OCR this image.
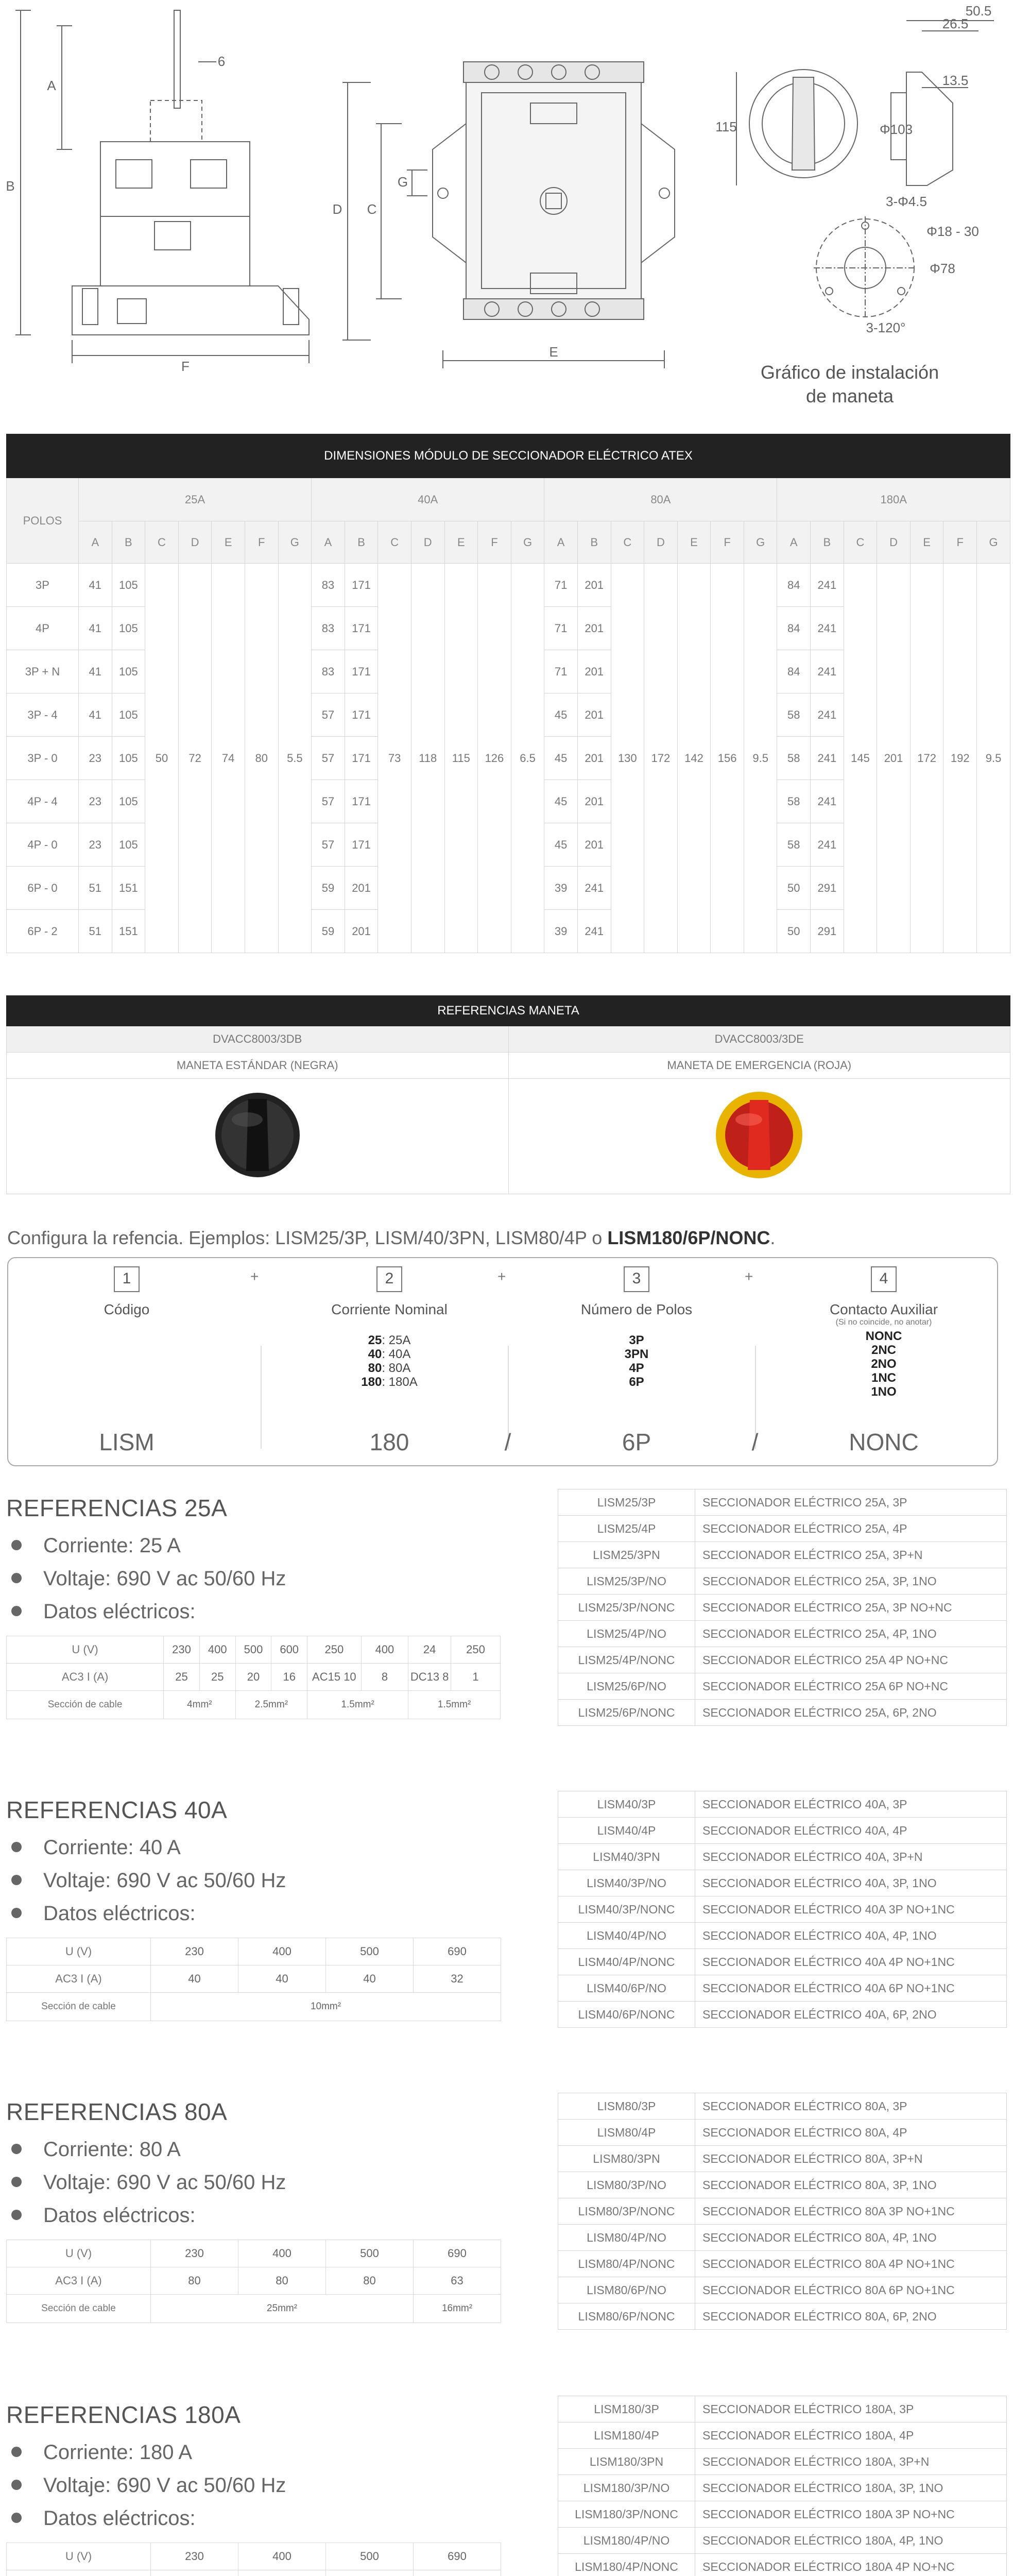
A
B
F
6
D C
G
E
115
50.5
26.5
13.5
Φ103
3-Φ4.5
Φ18 - 30
Φ78
3-120°
Gráfico de instalación
de maneta
DIMENSIONES MÓDULO DE SECCIONADOR ELÉCTRICO ATEX																												
POLOS	25A							40A							80A							180A						
	A	B	C	D	E	F	G	A	B	C	D	E	F	G	A	B	C	D	E	F	G	A	B	C	D	E	F	G
3P	41	105	50	72	74	80	5.5	83	171	73	118	115	126	6.5	71	201	130	172	142	156	9.5	84	241	145	201	172	192	9.5
4P	41	105						83	171						71	201						84	241					
3P + N	41	105						83	171						71	201						84	241					
3P - 4	41	105						57	171						45	201						58	241					
3P - 0	23	105						57	171						45	201						58	241					
4P - 4	23	105						57	171						45	201						58	241					
4P - 0	23	105						57	171						45	201						58	241					
6P - 0	51	151						59	201						39	241						50	291					
6P - 2	51	151						59	201						39	241						50	291					
REFERENCIAS MANETA	
DVACC8003/3DB	DVACC8003/3DE
MANETA ESTÁNDAR (NEGRA)	MANETA DE EMERGENCIA (ROJA)

Configura la refencia. Ejemplos: LISM25/3P, LISM/40/3PN, LISM80/4P o LISM180/6P/NONC.
1
Código
+	2
Corriente Nominal
25: 25A
40: 40A
80: 80A
180: 180A
+	3
Número de Polos
3P
3PN
4P
6P
+	4
Contacto Auxiliar
(Si no coincide, no anotar)
NONC
2NC
2NO
1NC
1NO
LISM	180	/	6P	/	NONC
REFERENCIAS 25A
Corriente: 25 A
Voltaje: 690 V ac 50/60 Hz
Datos eléctricos:
U (V)	230	400	500	600	250	400	24	250
AC3 I (A)	25	25	20	16	AC15 10	8	DC13 8	1
Sección de cable	4mm²		2.5mm²		1.5mm²		1.5mm²	
LISM25/3P	SECCIONADOR ELÉCTRICO 25A, 3P
LISM25/4P	SECCIONADOR ELÉCTRICO 25A, 4P
LISM25/3PN	SECCIONADOR ELÉCTRICO 25A, 3P+N
LISM25/3P/NO	SECCIONADOR ELÉCTRICO 25A, 3P, 1NO
LISM25/3P/NONC	SECCIONADOR ELÉCTRICO 25A, 3P NO+NC
LISM25/4P/NO	SECCIONADOR ELÉCTRICO 25A, 4P, 1NO
LISM25/4P/NONC	SECCIONADOR ELÉCTRICO 25A 4P NO+NC
LISM25/6P/NO	SECCIONADOR ELÉCTRICO 25A 6P NO+NC
LISM25/6P/NONC	SECCIONADOR ELÉCTRICO 25A, 6P, 2NO
REFERENCIAS 40A
Corriente: 40 A
Voltaje: 690 V ac 50/60 Hz
Datos eléctricos:
U (V)	230	400	500	690
AC3 I (A)	40	40	40	32
Sección de cable	10mm²			
LISM40/3P	SECCIONADOR ELÉCTRICO 40A, 3P
LISM40/4P	SECCIONADOR ELÉCTRICO 40A, 4P
LISM40/3PN	SECCIONADOR ELÉCTRICO 40A, 3P+N
LISM40/3P/NO	SECCIONADOR ELÉCTRICO 40A, 3P, 1NO
LISM40/3P/NONC	SECCIONADOR ELÉCTRICO 40A 3P NO+1NC
LISM40/4P/NO	SECCIONADOR ELÉCTRICO 40A, 4P, 1NO
LISM40/4P/NONC	SECCIONADOR ELÉCTRICO 40A 4P NO+1NC
LISM40/6P/NO	SECCIONADOR ELÉCTRICO 40A 6P NO+1NC
LISM40/6P/NONC	SECCIONADOR ELÉCTRICO 40A, 6P, 2NO
REFERENCIAS 80A
Corriente: 80 A
Voltaje: 690 V ac 50/60 Hz
Datos eléctricos:
U (V)	230	400	500	690
AC3 I (A)	80	80	80	63
Sección de cable	25mm²			16mm²
LISM80/3P	SECCIONADOR ELÉCTRICO 80A, 3P
LISM80/4P	SECCIONADOR ELÉCTRICO 80A, 4P
LISM80/3PN	SECCIONADOR ELÉCTRICO 80A, 3P+N
LISM80/3P/NO	SECCIONADOR ELÉCTRICO 80A, 3P, 1NO
LISM80/3P/NONC	SECCIONADOR ELÉCTRICO 80A 3P NO+1NC
LISM80/4P/NO	SECCIONADOR ELÉCTRICO 80A, 4P, 1NO
LISM80/4P/NONC	SECCIONADOR ELÉCTRICO 80A 4P NO+1NC
LISM80/6P/NO	SECCIONADOR ELÉCTRICO 80A 6P NO+1NC
LISM80/6P/NONC	SECCIONADOR ELÉCTRICO 80A, 6P, 2NO
REFERENCIAS 180A
Corriente: 180 A
Voltaje: 690 V ac 50/60 Hz
Datos eléctricos:
U (V)	230	400	500	690

LISM180/3P	SECCIONADOR ELÉCTRICO 180A, 3P
LISM180/4P	SECCIONADOR ELÉCTRICO 180A, 4P
LISM180/3PN	SECCIONADOR ELÉCTRICO 180A, 3P+N
LISM180/3P/NO	SECCIONADOR ELÉCTRICO 180A, 3P, 1NO
LISM180/3P/NONC	SECCIONADOR ELÉCTRICO 180A 3P NO+NC
LISM180/4P/NO	SECCIONADOR ELÉCTRICO 180A, 4P, 1NO
LISM180/4P/NONC	SECCIONADOR ELÉCTRICO 180A 4P NO+NC
